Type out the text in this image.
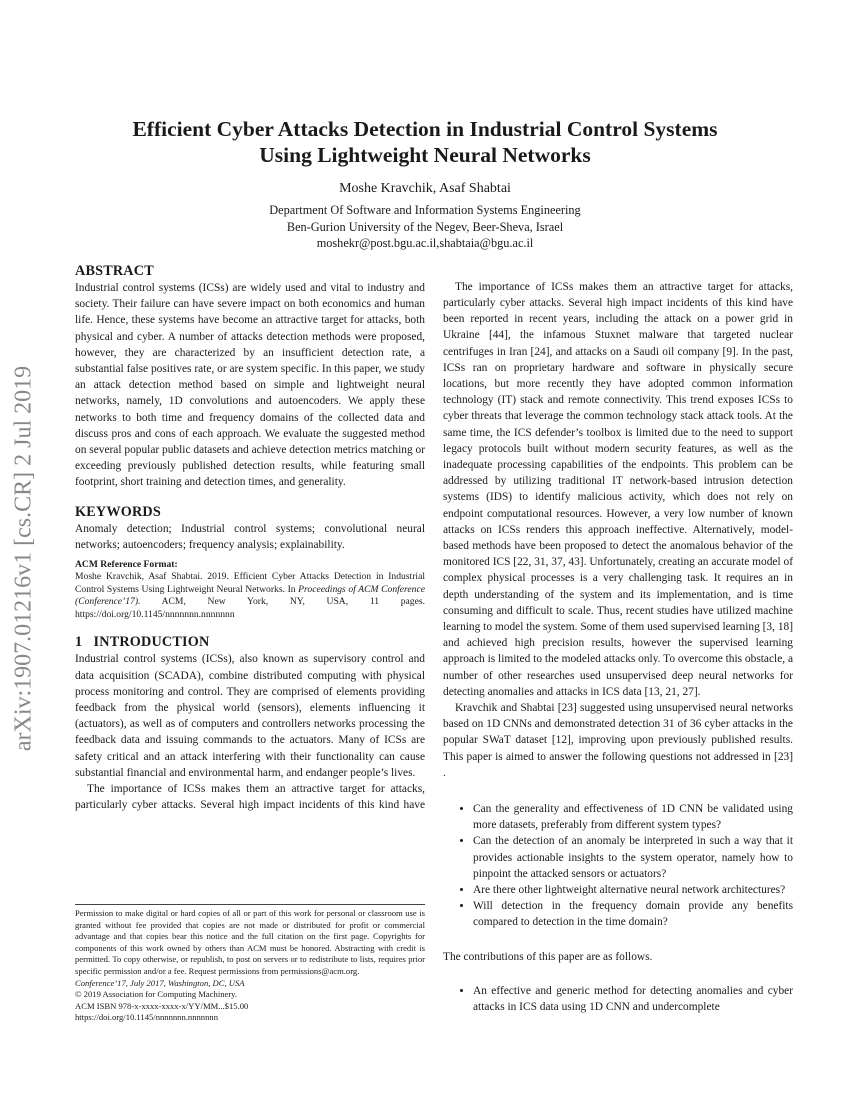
arXiv:1907.01216v1 [cs.CR] 2 Jul 2019
Efficient Cyber Attacks Detection in Industrial Control Systems
Using Lightweight Neural Networks
Moshe Kravchik, Asaf Shabtai
Department Of Software and Information Systems Engineering
Ben-Gurion University of the Negev, Beer-Sheva, Israel
moshekr@post.bgu.ac.il,shabtaia@bgu.ac.il

ABSTRACT

Industrial control systems (ICSs) are widely used and vital to industry and society. Their failure can have severe impact on both economics and human life. Hence, these systems have become an attractive target for attacks, both physical and cyber. A number of attacks detection methods were proposed, however, they are characterized by an insufficient detection rate, a substantial false positives rate, or are system specific. In this paper, we study an attack detection method based on simple and lightweight neural networks, namely, 1D convolutions and autoencoders. We apply these networks to both time and frequency domains of the collected data and discuss pros and cons of each approach. We evaluate the suggested method on several popular public datasets and achieve detection metrics matching or exceeding previously published detection results, while featuring small footprint, short training and detection times, and generality.

KEYWORDS

Anomaly detection; Industrial control systems; convolutional neural networks; autoencoders; frequency analysis; explainability.

ACM Reference Format:

Moshe Kravchik, Asaf Shabtai. 2019. Efficient Cyber Attacks Detection in Industrial Control Systems Using Lightweight Neural Networks. In Proceedings of ACM Conference (Conference’17). ACM, New York, NY, USA, 11 pages. https://doi.org/10.1145/nnnnnnn.nnnnnnn

1   INTRODUCTION

Industrial control systems (ICSs), also known as supervisory control and data acquisition (SCADA), combine distributed computing with physical process monitoring and control. They are comprised of elements providing feedback from the physical world (sensors), elements influencing it (actuators), as well as of computers and controllers networks processing the feedback data and issuing commands to the actuators. Many of ICSs are safety critical and an attack interfering with their functionality can cause substantial financial and environmental harm, and endanger people’s lives.

The importance of ICSs makes them an attractive target for attacks, particularly cyber attacks. Several high impact incidents of this kind have

The importance of ICSs makes them an attractive target for attacks, particularly cyber attacks. Several high impact incidents of this kind have been reported in recent years, including the attack on a power grid in Ukraine [44], the infamous Stuxnet malware that targeted nuclear centrifuges in Iran [24], and attacks on a Saudi oil company [9]. In the past, ICSs ran on proprietary hardware and software in physically secure locations, but more recently they have adopted common information technology (IT) stack and remote connectivity. This trend exposes ICSs to cyber threats that leverage the common technology stack attack tools. At the same time, the ICS defender’s toolbox is limited due to the need to support legacy protocols built without modern security features, as well as the inadequate processing capabilities of the endpoints. This problem can be addressed by utilizing traditional IT network-based intrusion detection systems (IDS) to identify malicious activity, which does not rely on endpoint computational resources. However, a very low number of known attacks on ICSs renders this approach ineffective. Alternatively, model-based methods have been proposed to detect the anomalous behavior of the monitored ICS [22, 31, 37, 43]. Unfortunately, creating an accurate model of complex physical processes is a very challenging task. It requires an in depth understanding of the system and its implementation, and is time consuming and difficult to scale. Thus, recent studies have utilized machine learning to model the system. Some of them used supervised learning [3, 18] and achieved high precision results, however the supervised learning approach is limited to the modeled attacks only. To overcome this obstacle, a number of other researches used unsupervised deep neural networks for detecting anomalies and attacks in ICS data [13, 21, 27].

Kravchik and Shabtai [23] suggested using unsupervised neural networks based on 1D CNNs and demonstrated detection 31 of 36 cyber attacks in the popular SWaT dataset [12], improving upon previously published results. This paper is aimed to answer the following questions not addressed in [23] .

• Can the generality and effectiveness of 1D CNN be validated using more datasets, preferably from different system types?
• Can the detection of an anomaly be interpreted in such a way that it provides actionable insights to the system operator, namely how to pinpoint the attacked sensors or actuators?
• Are there other lightweight alternative neural network architectures?
• Will detection in the frequency domain provide any benefits compared to detection in the time domain?

The contributions of this paper are as follows.

• An effective and generic method for detecting anomalies and cyber attacks in ICS data using 1D CNN and undercomplete

Permission to make digital or hard copies of all or part of this work for personal or classroom use is granted without fee provided that copies are not made or distributed for profit or commercial advantage and that copies bear this notice and the full citation on the first page. Copyrights for components of this work owned by others than ACM must be honored. Abstracting with credit is permitted. To copy otherwise, or republish, to post on servers or to redistribute to lists, requires prior specific permission and/or a fee. Request permissions from permissions@acm.org.

Conference’17, July 2017, Washington, DC, USA

© 2019 Association for Computing Machinery.

ACM ISBN 978-x-xxxx-xxxx-x/YY/MM...$15.00

https://doi.org/10.1145/nnnnnnn.nnnnnnn
